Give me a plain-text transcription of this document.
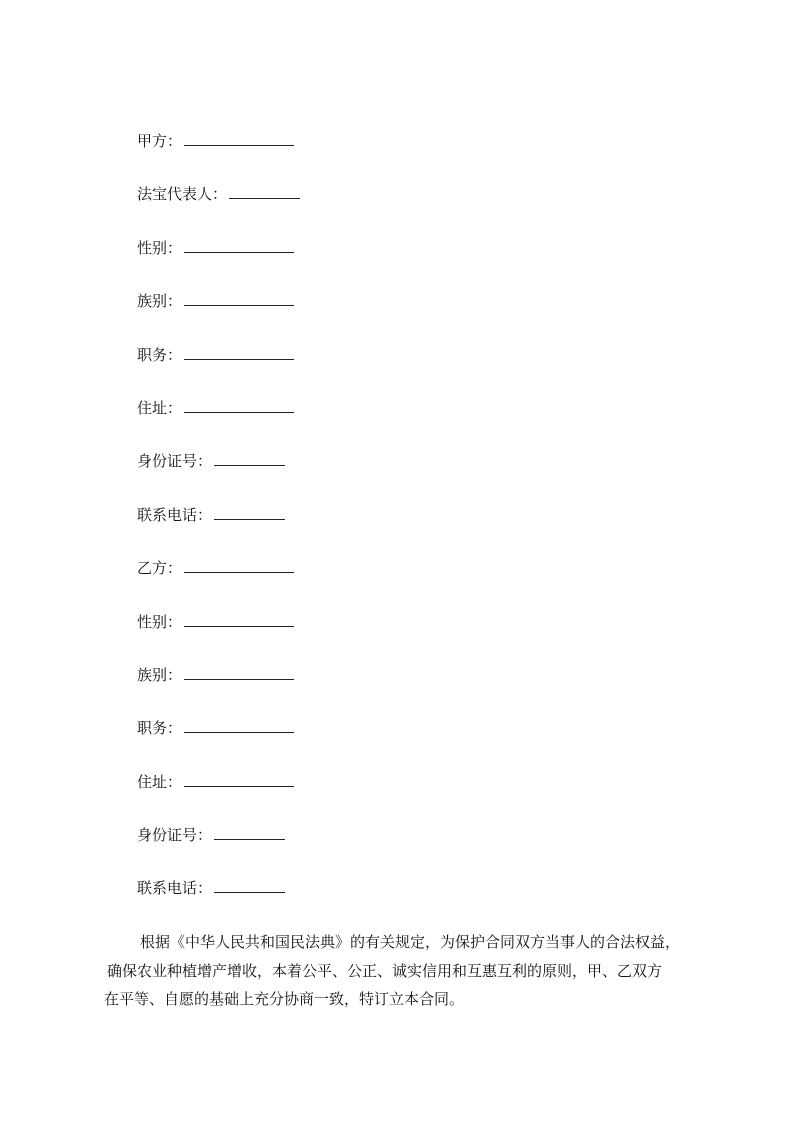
甲方：
法宝代表人：
性别：
族别：
职务：
住址：
身份证号：
联系电话：
乙方：
性别：
族别：
职务：
住址：
身份证号：
联系电话：

根据《中华人民共和国民法典》的有关规定，为保护合同双方当事人的合法权益，

确保农业种植增产增收，本着公平、公正、诚实信用和互惠互利的原则，甲、乙双方

在平等、自愿的基础上充分协商一致，特订立本合同。
